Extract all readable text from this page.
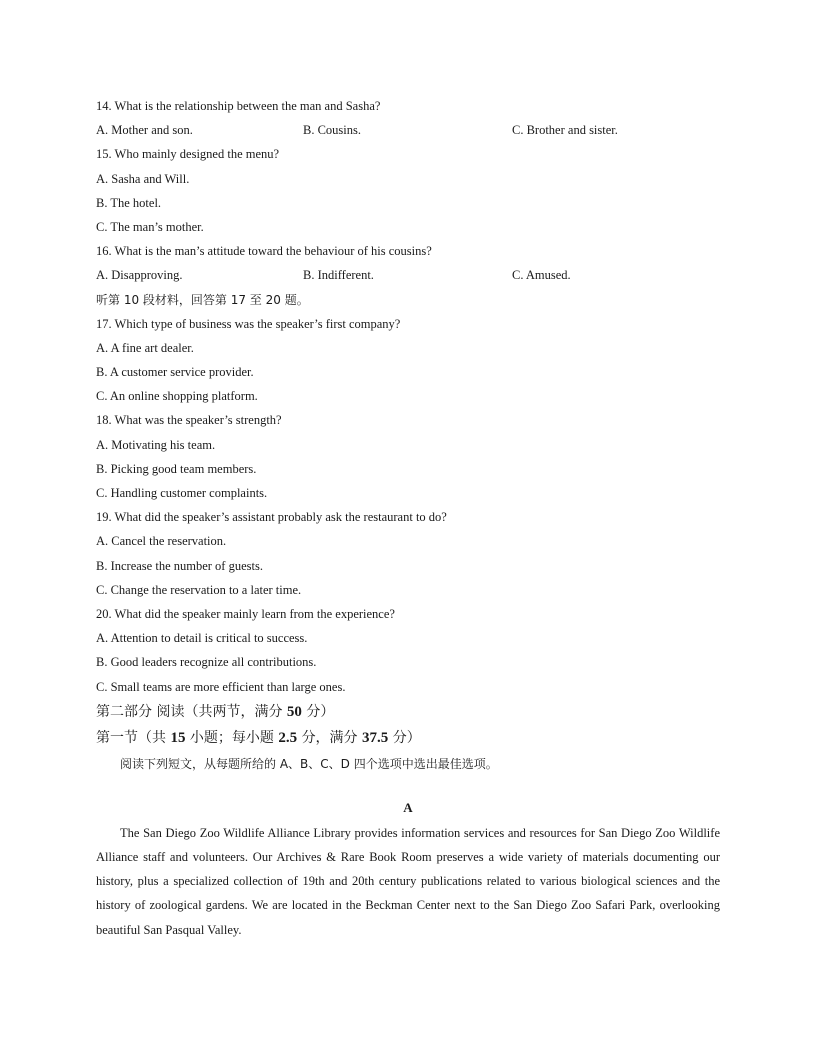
14. What is the relationship between the man and Sasha?
A. Mother and son.	B. Cousins.	C. Brother and sister.
15. Who mainly designed the menu?
A. Sasha and Will.
B. The hotel.
C. The man’s mother.
16. What is the man’s attitude toward the behaviour of his cousins?
A. Disapproving.	B. Indifferent.	C. Amused.
听第 10 段材料，回答第 17 至 20 题。
17. Which type of business was the speaker’s first company?
A. A fine art dealer.
B. A customer service provider.
C. An online shopping platform.
18. What was the speaker’s strength?
A. Motivating his team.
B. Picking good team members.
C. Handling customer complaints.
19. What did the speaker’s assistant probably ask the restaurant to do?
A. Cancel the reservation.
B. Increase the number of guests.
C. Change the reservation to a later time.
20. What did the speaker mainly learn from the experience?
A. Attention to detail is critical to success.
B. Good leaders recognize all contributions.
C. Small teams are more efficient than large ones.
第二部分 阅读（共两节，满分 50 分）
第一节（共 15 小题；每小题 2.5 分，满分 37.5 分）
阅读下列短文，从每题所给的 A、B、C、D 四个选项中选出最佳选项。
A

The San Diego Zoo Wildlife Alliance Library provides information services and resources for San Diego Zoo Wildlife Alliance staff and volunteers. Our Archives & Rare Book Room preserves a wide variety of materials documenting our history, plus a specialized collection of 19th and 20th century publications related to various biological sciences and the history of zoological gardens. We are located in the Beckman Center next to the San Diego Zoo Safari Park, overlooking beautiful San Pasqual Valley.
